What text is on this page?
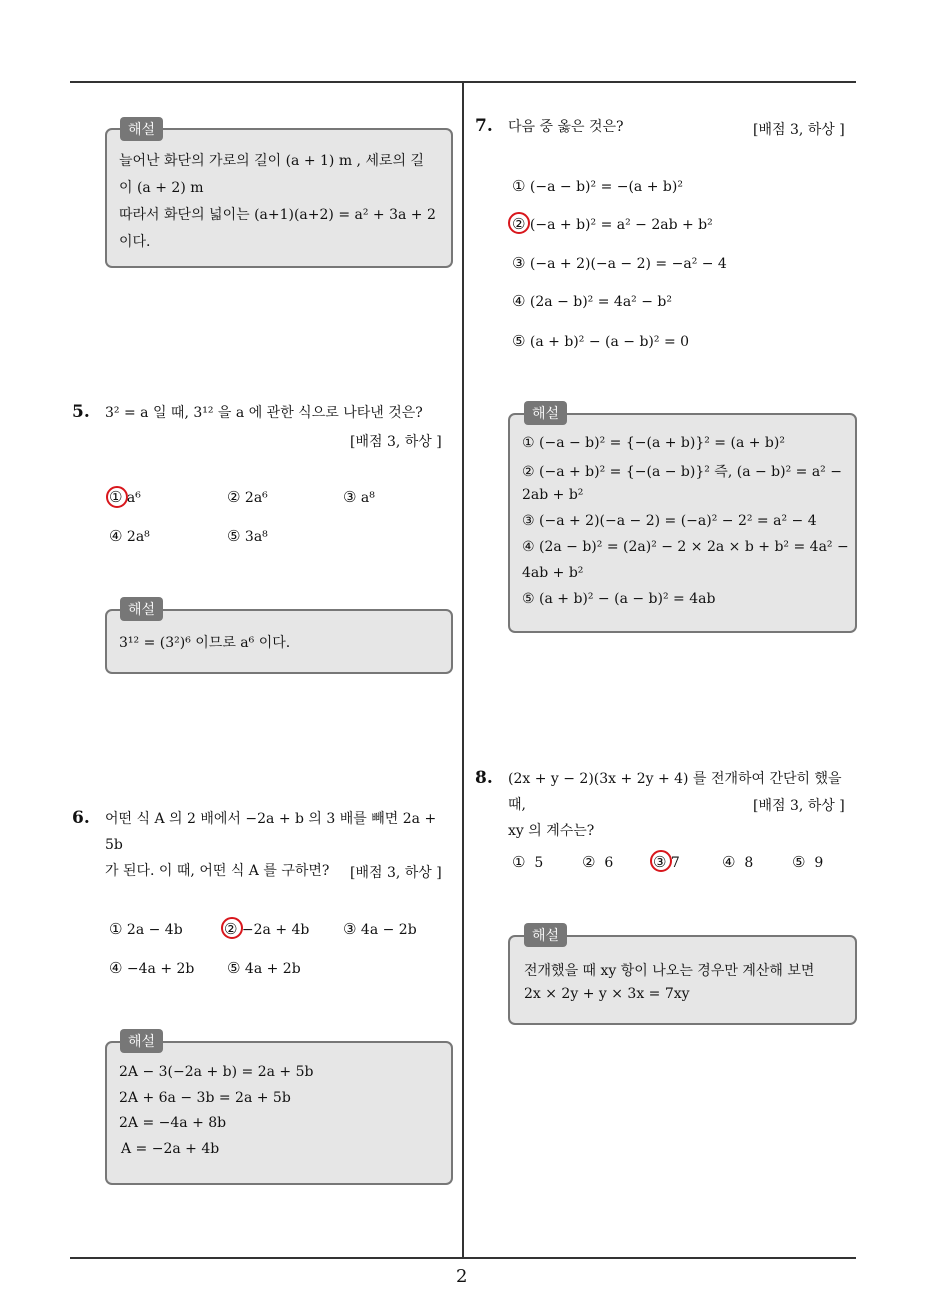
2
늘어난 화단의 가로의 길이 (a + 1) m , 세로의 길
이 (a + 2) m
따라서 화단의 넓이는 (a+1)(a+2) = a² + 3a + 2
이다.
해설
5. 3² = a 일 때, 3¹² 을 a 에 관한 식으로 나타낸 것은?
[배점 3, 하상 ]
① a⁶	② 2a⁶	③ a⁸
④ 2a⁸	⑤ 3a⁸
3¹² = (3²)⁶ 이므로 a⁶ 이다.
해설
6. 어떤 식 A 의 2 배에서 −2a + b 의 3 배를 빼면 2a + 5b
가 된다. 이 때, 어떤 식 A 를 구하면?	[배점 3, 하상 ]
① 2a − 4b	② −2a + 4b ③ 4a − 2b
④ −4a + 2b ⑤ 4a + 2b
2A − 3(−2a + b) = 2a + 5b
2A + 6a − 3b = 2a + 5b
2A = −4a + 8b
A = −2a + 4b
해설
7. 다음 중 옳은 것은?	[배점 3, 하상 ]
① (−a − b)² = −(a + b)²
② (−a + b)² = a² − 2ab + b²
③ (−a + 2)(−a − 2) = −a² − 4
④ (2a − b)² = 4a² − b²
⑤ (a + b)² − (a − b)² = 0
① (−a − b)² = {−(a + b)}² = (a + b)²
② (−a + b)² = {−(a − b)}² 즉, (a − b)² = a² −
2ab + b²
③ (−a + 2)(−a − 2) = (−a)² − 2² = a² − 4
④ (2a − b)² = (2a)² − 2 × 2a × b + b² = 4a² −
4ab + b²
⑤ (a + b)² − (a − b)² = 4ab
해설
8. (2x + y − 2)(3x + 2y + 4) 를 전개하여 간단히 했을 때,
xy 의 계수는?
[배점 3, 하상 ]
① 5	② 6	③ 7	④ 8	⑤ 9
전개했을 때 xy 항이 나오는 경우만 계산해 보면
2x × 2y + y × 3x = 7xy
해설
